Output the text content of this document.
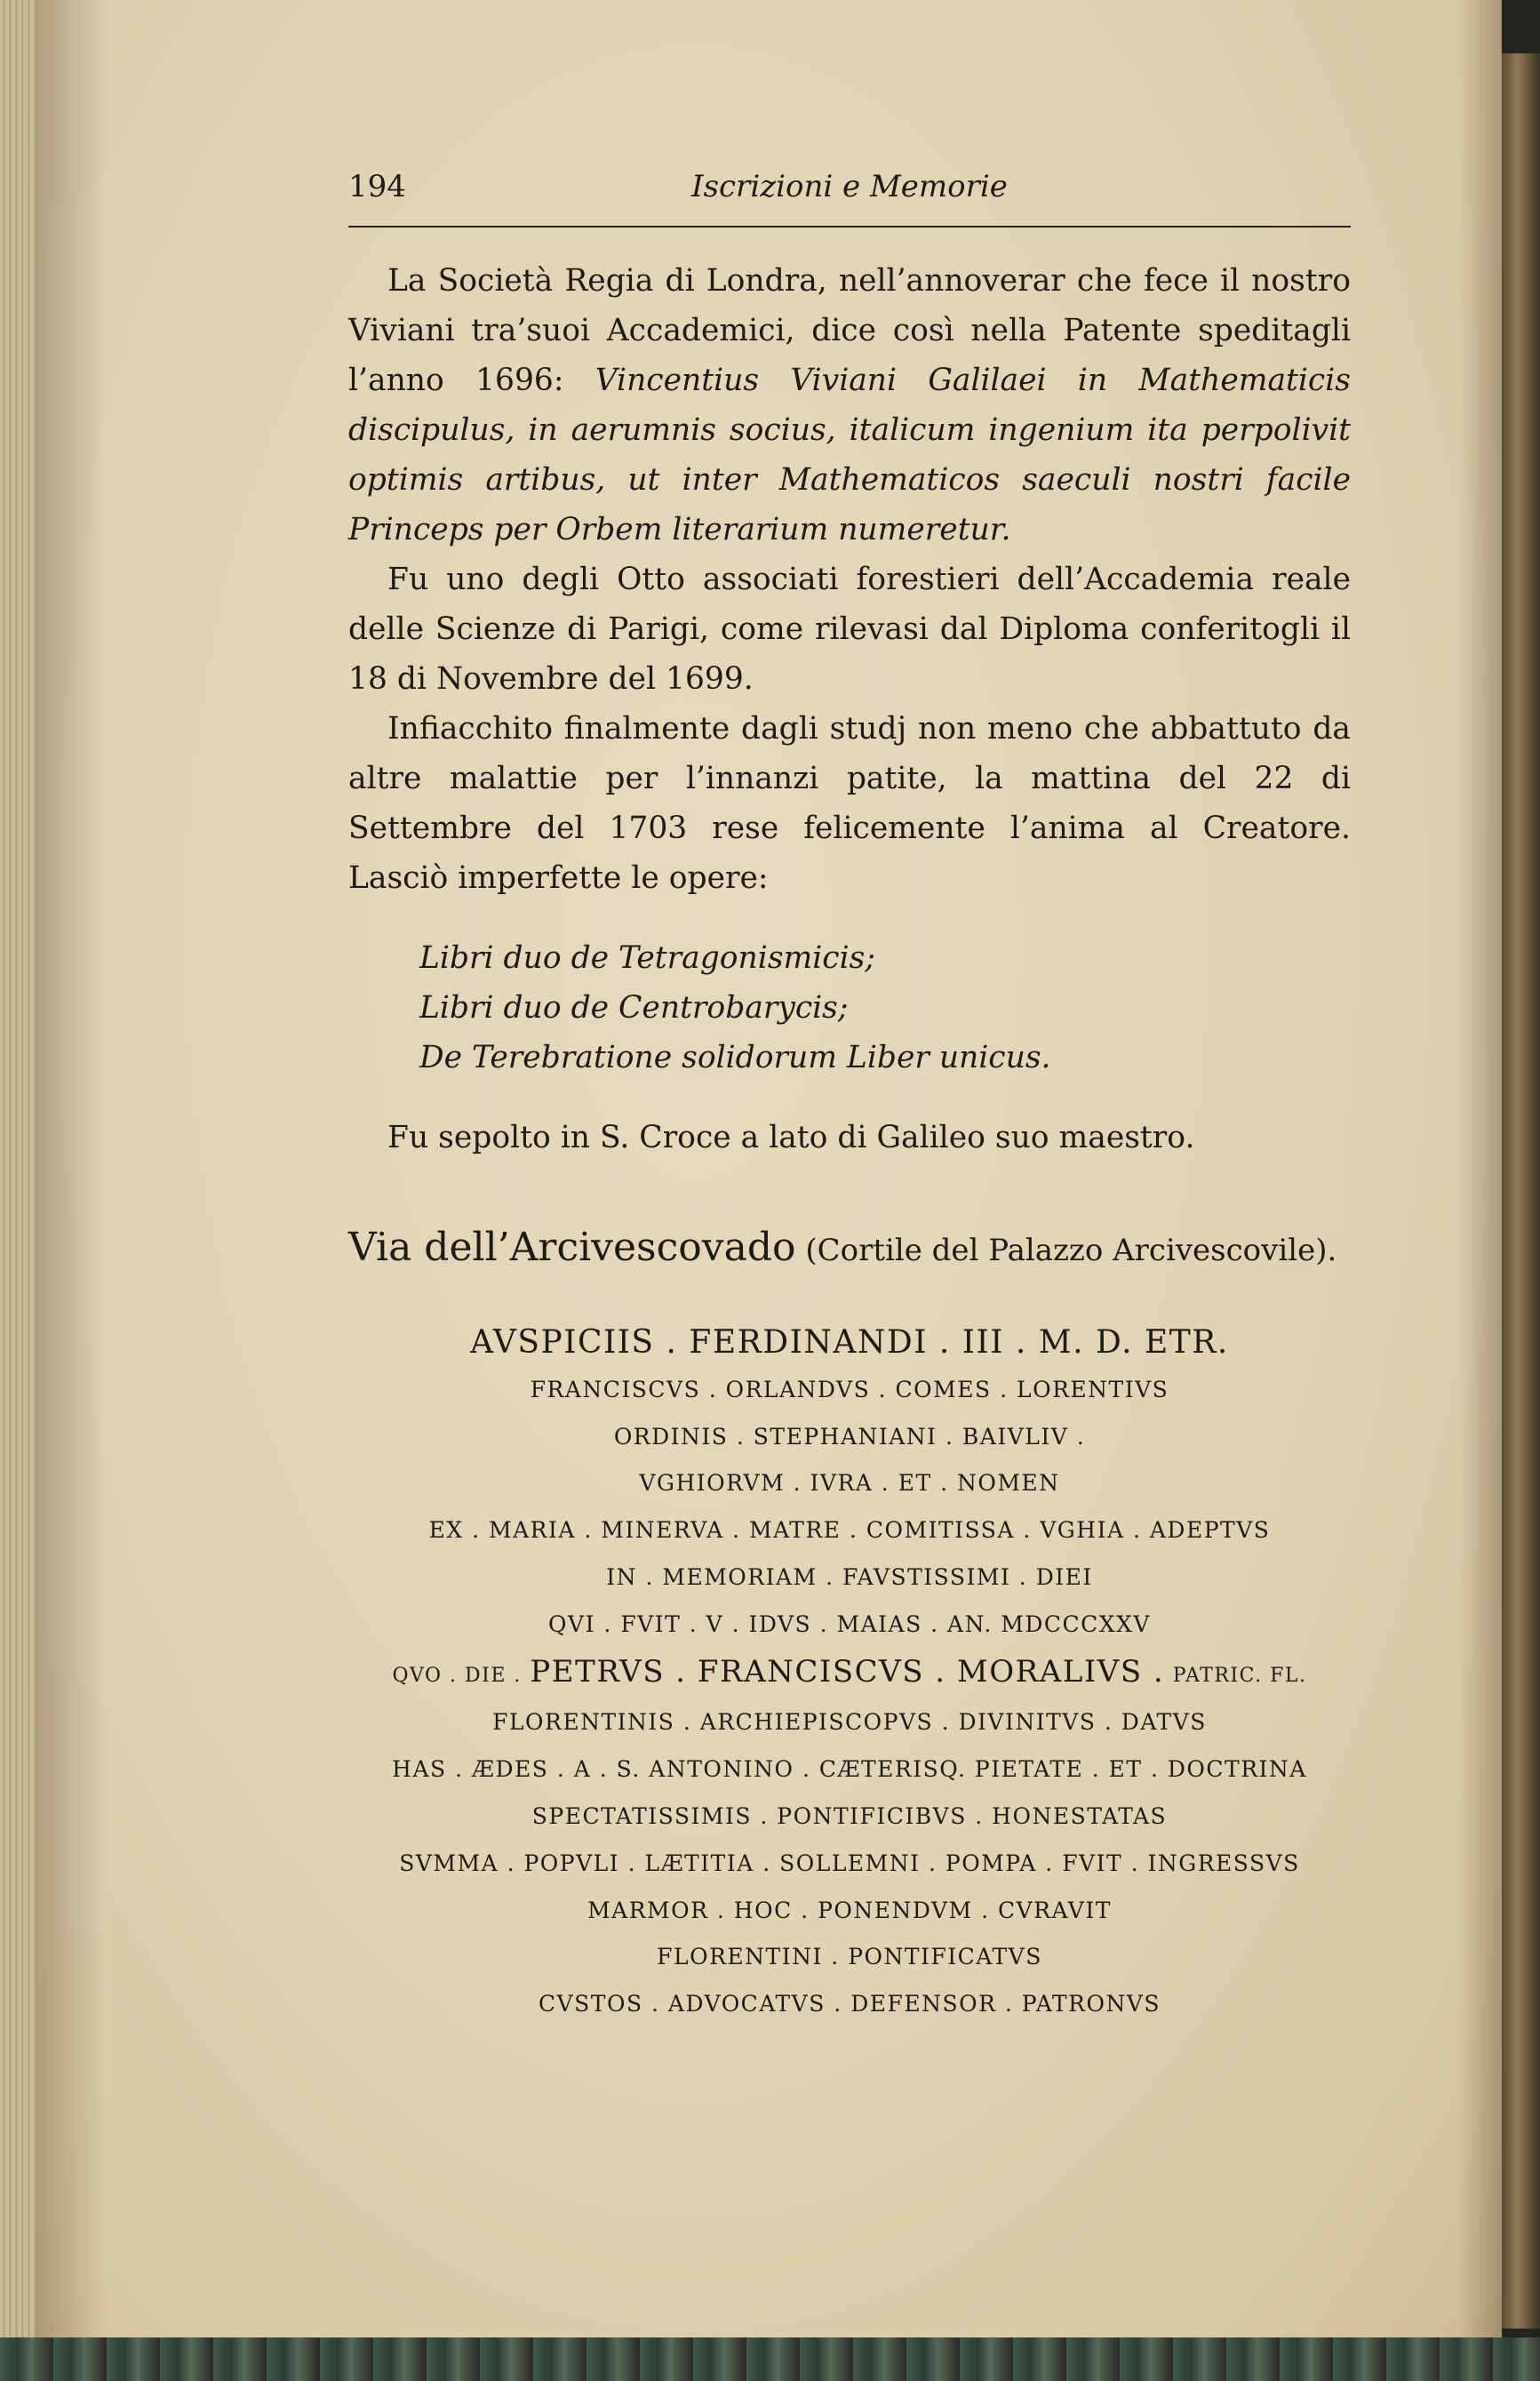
194	Iscrizioni e Memorie

La Società Regia di Londra, nell’annoverar che fece il nostro Viviani tra’suoi Accademici, dice così nella Patente speditagli l’anno 1696: Vincentius Viviani Galilaei in Mathematicis discipulus, in aerumnis socius, italicum ingenium ita perpolivit optimis artibus, ut inter Mathematicos saeculi nostri facile Princeps per Orbem literarium numeretur.

Fu uno degli Otto associati forestieri dell’Accademia reale delle Scienze di Parigi, come rilevasi dal Diploma conferitogli il 18 di Novembre del 1699.

Infiacchito finalmente dagli studj non meno che abbattuto da altre malattie per l’innanzi patite, la mattina del 22 di Settembre del 1703 rese felicemente l’anima al Creatore. Lasciò imperfette le opere:

Libri duo de Tetragonismicis;
Libri duo de Centrobarycis;
De Terebratione solidorum Liber unicus.

Fu sepolto in S. Croce a lato di Galileo suo maestro.

Via dell’Arcivescovado (Cortile del Palazzo Arcivescovile).
AVSPICIIS . FERDINANDI . III . M. D. ETR.
FRANCISCVS . ORLANDVS . COMES . LORENTIVS
ORDINIS . STEPHANIANI . BAIVLIV .
VGHIORVM . IVRA . ET . NOMEN
EX . MARIA . MINERVA . MATRE . COMITISSA . VGHIA . ADEPTVS
IN . MEMORIAM . FAVSTISSIMI . DIEI
QVI . FVIT . V . IDVS . MAIAS . AN. MDCCCXXV
QVO . DIE . PETRVS . FRANCISCVS . MORALIVS . PATRIC. FL.
FLORENTINIS . ARCHIEPISCOPVS . DIVINITVS . DATVS
HAS . ÆDES . A . S. ANTONINO . CÆTERISQ. PIETATE . ET . DOCTRINA
SPECTATISSIMIS . PONTIFICIBVS . HONESTATAS
SVMMA . POPVLI . LÆTITIA . SOLLEMNI . POMPA . FVIT . INGRESSVS
MARMOR . HOC . PONENDVM . CVRAVIT
FLORENTINI . PONTIFICATVS
CVSTOS . ADVOCATVS . DEFENSOR . PATRONVS
